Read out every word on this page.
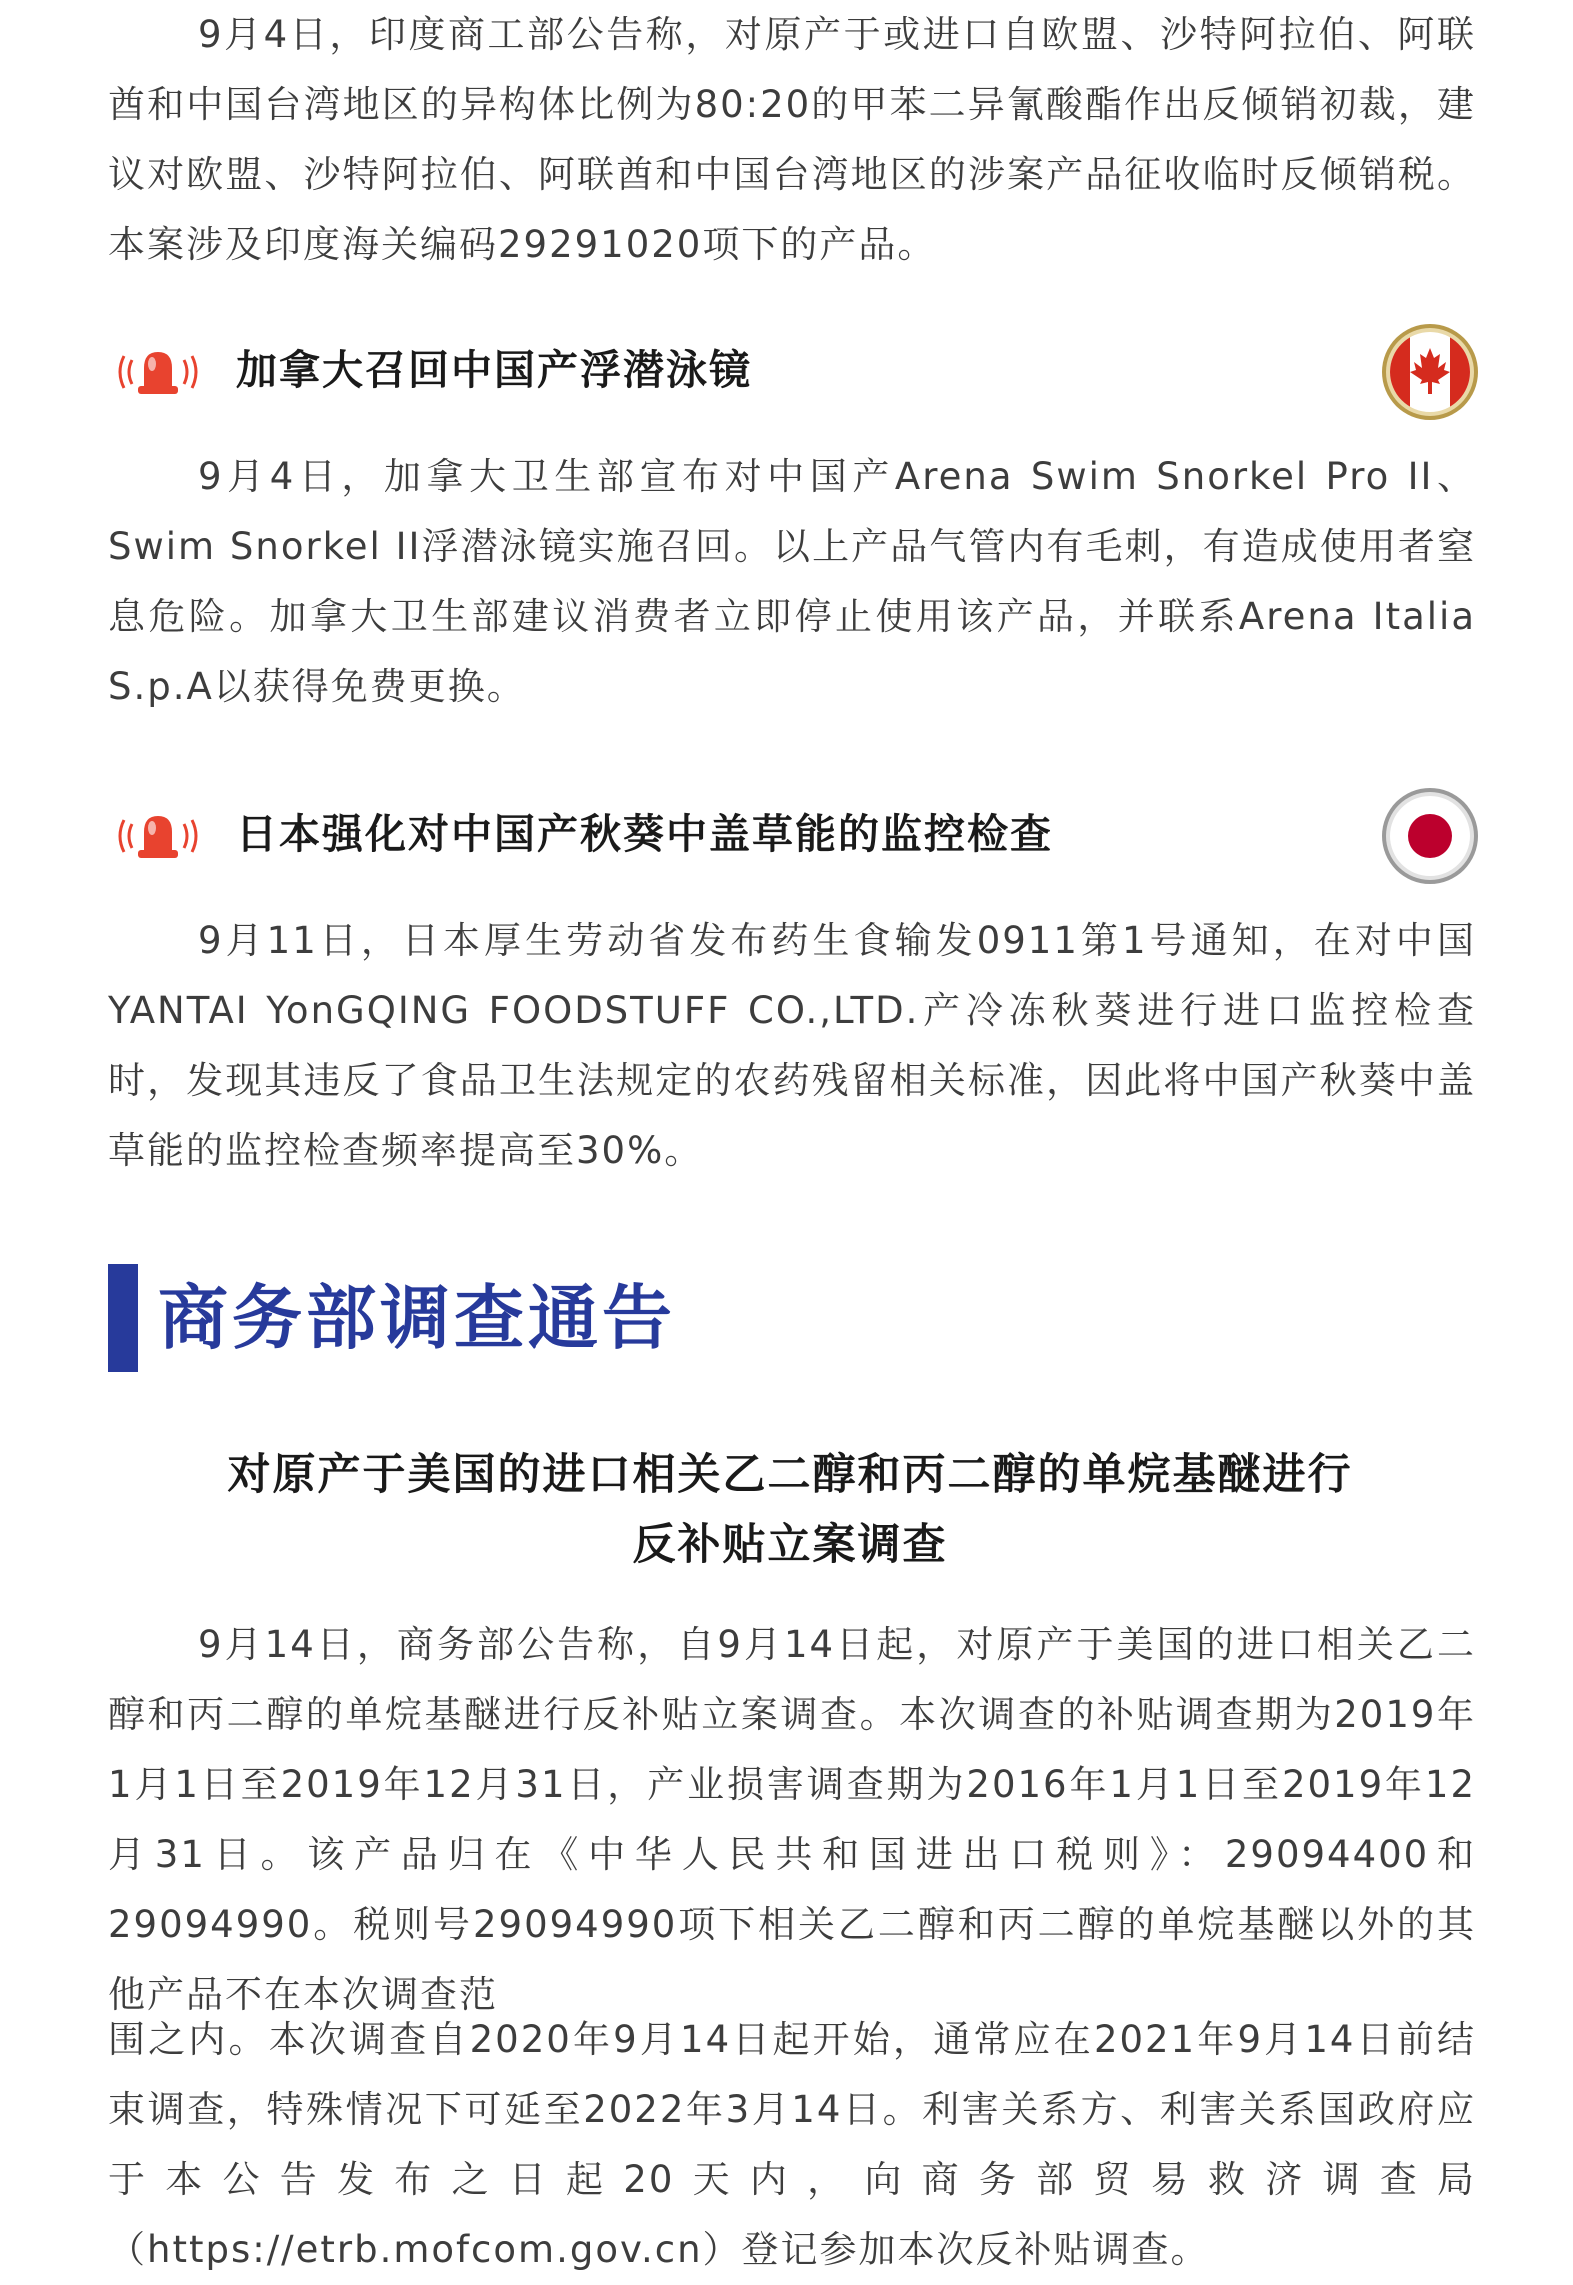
9月4日，印度商工部公告称，对原产于或进口自欧盟、沙特阿拉伯、阿联酋和中国台湾地区的异构体比例为80:20的甲苯二异氰酸酯作出反倾销初裁，建议对欧盟、沙特阿拉伯、阿联酋和中国台湾地区的涉案产品征收临时反倾销税。本案涉及印度海关编码29291020项下的产品。

加拿大召回中国产浮潜泳镜

9月4日，加拿大卫生部宣布对中国产Arena Swim Snorkel Pro II、Swim Snorkel II浮潜泳镜实施召回。以上产品气管内有毛刺，有造成使用者窒息危险。加拿大卫生部建议消费者立即停止使用该产品，并联系Arena Italia S.p.A以获得免费更换。

日本强化对中国产秋葵中盖草能的监控检查

9月11日，日本厚生劳动省发布药生食输发0911第1号通知，在对中国YANTAI YonGQING FOODSTUFF CO.,LTD.产冷冻秋葵进行进口监控检查时，发现其违反了食品卫生法规定的农药残留相关标准，因此将中国产秋葵中盖草能的监控检查频率提高至30%。

商务部调查通告
对原产于美国的进口相关乙二醇和丙二醇的单烷基醚进行
反补贴立案调查

9月14日，商务部公告称，自9月14日起，对原产于美国的进口相关乙二醇和丙二醇的单烷基醚进行反补贴立案调查。本次调查的补贴调查期为2019年1月1日至2019年12月31日，产业损害调查期为2016年1月1日至2019年12月31日。该产品归在《中华人民共和国进出口税则》：29094400和29094990。税则号29094990项下相关乙二醇和丙二醇的单烷基醚以外的其他产品不在本次调查范

围之内。本次调查自2020年9月14日起开始，通常应在2021年9月14日前结束调查，特殊情况下可延至2022年3月14日。利害关系方、利害关系国政府应于本公告发布之日起20天内，向商务部贸易救济调查局（https://etrb.mofcom.gov.cn）登记参加本次反补贴调查。
